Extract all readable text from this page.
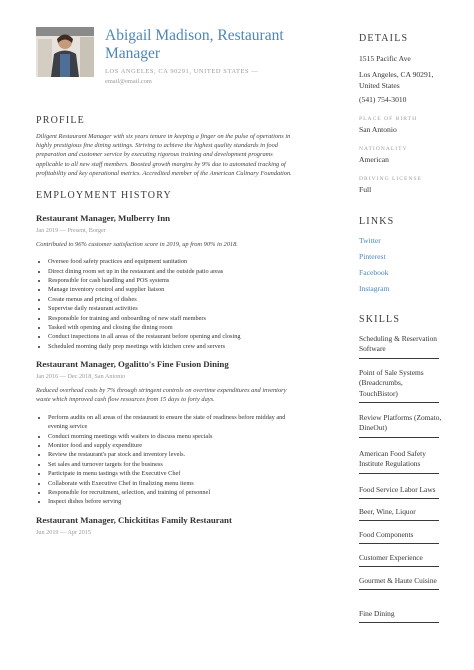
Abigail Madison, Restaurant Manager
LOS ANGELES, CA 90291, UNITED STATES —
email@email.com
PROFILE

Diligent Restaurant Manager with six years tenure in keeping a finger on the pulse of operations in highly prestigious fine dining settings. Striving to achieve the highest quality standards in food preparation and customer service by executing rigorous training and development programs applicable to all new staff members. Boosted growth margins by 9% due to automated tracking of profitability and key operational metrics. Accredited member of the American Culinary Foundation.

EMPLOYMENT HISTORY
Restaurant Manager, Mulberry Inn
Jan 2019 — Present, Borger
Contributed to 96% customer satisfaction score in 2019, up from 90% in 2018.
• Oversee food safety practices and equipment sanitation
• Direct dining room set up in the restaurant and the outside patio areas
• Responsible for cash handling and POS systems
• Manage inventory control and supplier liaison
• Create menus and pricing of dishes
• Supervise daily restaurant activities
• Responsible for training and onboarding of new staff members
• Tasked with opening and closing the dining room
• Conduct inspections in all areas of the restaurant before opening and closing
• Scheduled morning daily prep meetings with kitchen crew and servers
Restaurant Manager, Ogalitto's Fine Fusion Dining
Jan 2016 — Dec 2018, San Antonio
Reduced overhead costs by 7% through stringent controls on overtime expenditures and inventory waste which improved cash flow resources from 15 days to forty days.
• Perform audits on all areas of the restaurant to ensure the state of readiness before midday and evening service
• Conduct morning meetings with waiters to discuss menu specials
• Monitor food and supply expenditure
• Review the restaurant's par stock and inventory levels.
• Set sales and turnover targets for the business
• Participate in menu tastings with the Executive Chef
• Collaborate with Executive Chef in finalizing menu items
• Responsible for recruitment, selection, and training of personnel
• Inspect dishes before serving
Restaurant Manager, Chickititas Family Restaurant
Jun 2019 — Apr 2015
DETAILS
1515 Pacific Ave
Los Angeles, CA 90291,
United States
(541) 754-3010
PLACE OF BIRTH
San Antonio
NATIONALITY
American
DRIVING LICENSE
Full
LINKS
Twitter
Pinterest
Facebook
Instagram
SKILLS
Scheduling & Reservation Software
Point of Sale Systems (Breadcrumbs, TouchBistor)
Review Platforms (Zomato, DineOut)
American Food Safety Institute Regulations
Food Service Labor Laws
Beer, Wine, Liquor
Food Components
Customer Experience
Gourmet & Haute Cuisine
Fine Dining
